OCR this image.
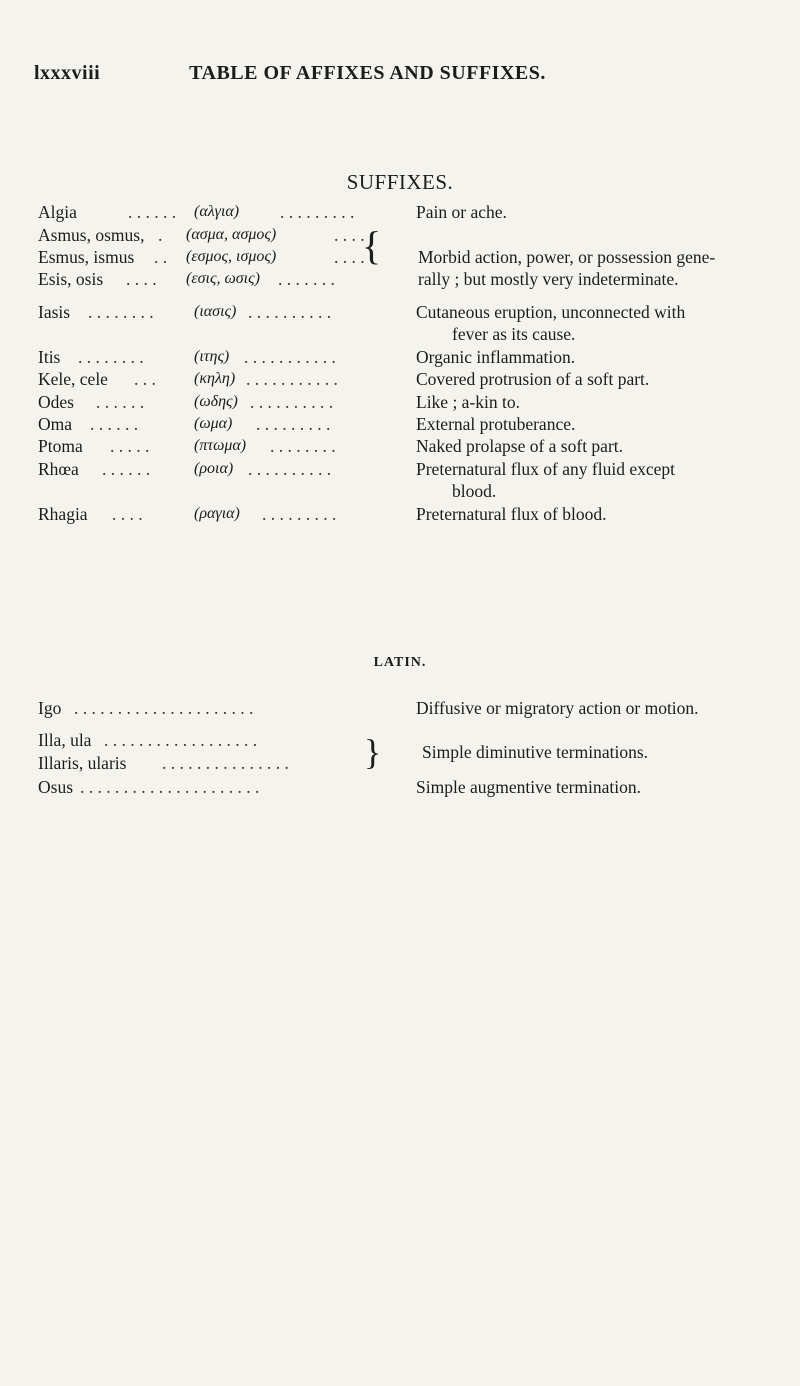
lxxxviii	TABLE OF AFFIXES AND SUFFIXES.
SUFFIXES.
Algia	. . . . . . (αλγια) . . . . . . . . .	Pain or ache.
Asmus, osmus, . (ασμα, ασμος)	. . . .
Esmus, ismus . . (εσμος, ισμος)	. . . .	Morbid action, power, or possession gene-
Esis, osis . . . . (εσις, ωσις) . . . . . . .	rally ; but mostly very indeterminate.
{
Iasis . . . . . . . .	(ιασις) . . . . . . . . . .	Cutaneous eruption, unconnected with
fever as its cause.
Itis . . . . . . . .	(ιτης) . . . . . . . . . . .	Organic inflammation.
Kele, cele . . . (κηλη) . . . . . . . . . . .	Covered protrusion of a soft part.
Odes . . . . . .	(ωδης) . . . . . . . . . .	Like ; a-kin to.
Oma . . . . . .	(ωμα) . . . . . . . . .	External protuberance.
Ptoma . . . . .	(πτωμα) . . . . . . . .	Naked prolapse of a soft part.
Rhœa . . . . . .	(ροια) . . . . . . . . . .	Preternatural flux of any fluid except
blood.
Rhagia . . . .	(ραγια) . . . . . . . . .	Preternatural flux of blood.
LATIN.
Igo . . . . . . . . . . . . . . . . . . . . .	Diffusive or migratory action or motion.
Illa, ula . . . . . . . . . . . . . . . . . .
Illaris, ularis . . . . . . . . . . . . . . .
Simple diminutive terminations.
}
Osus . . . . . . . . . . . . . . . . . . . . .	Simple augmentive termination.
